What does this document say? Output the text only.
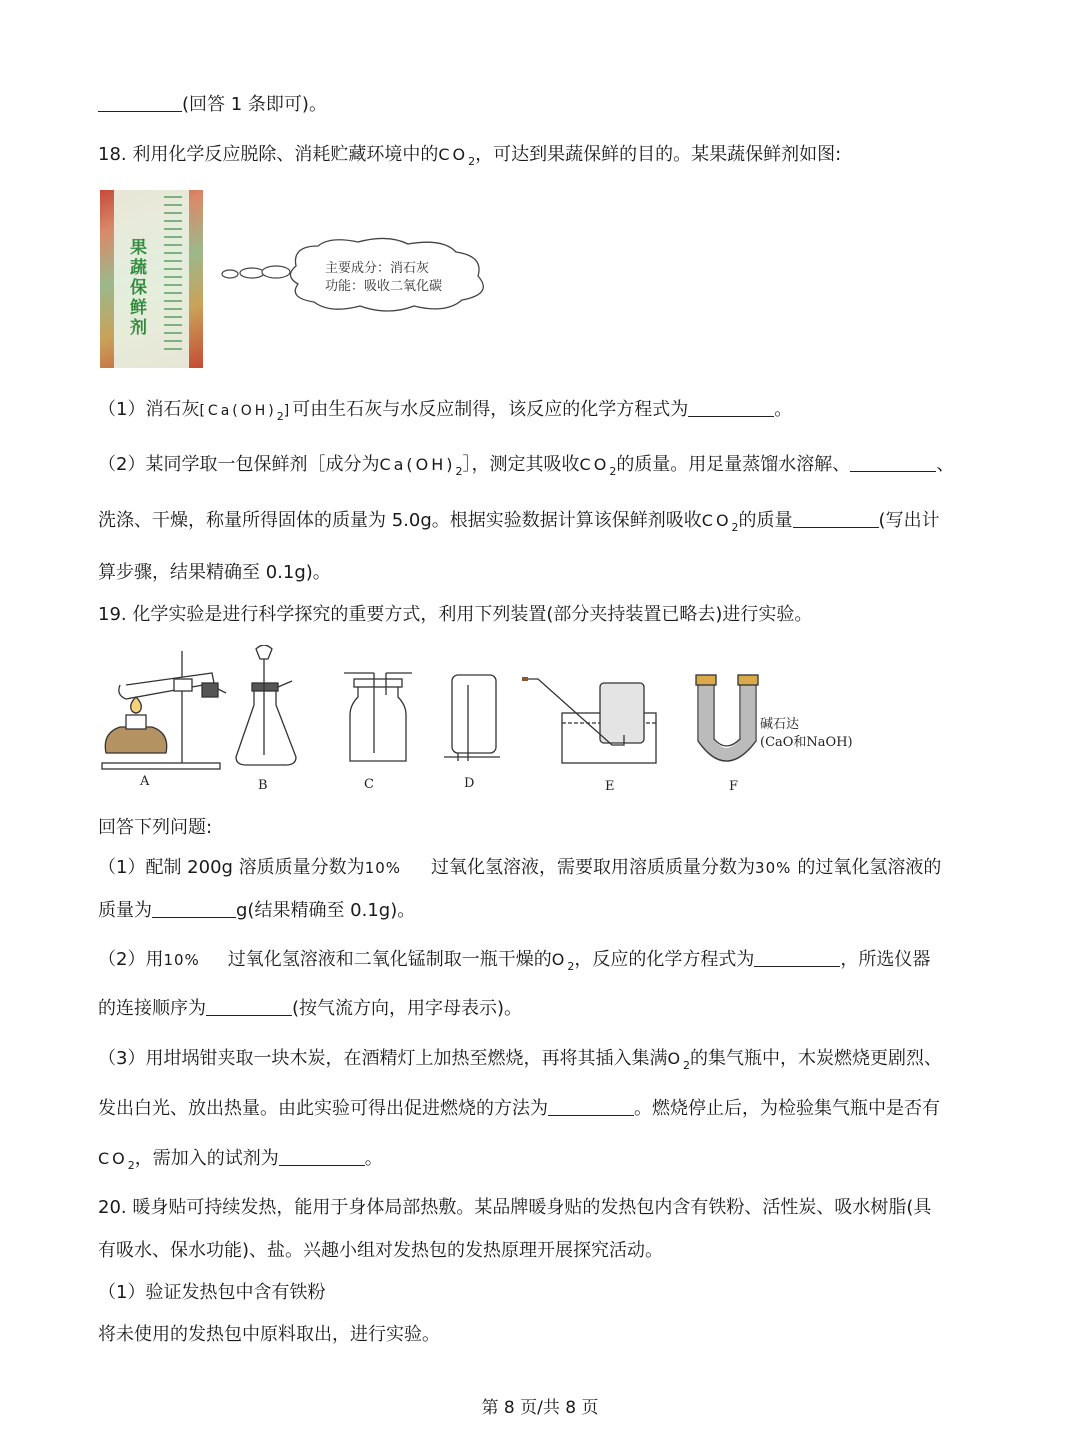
(回答 1 条即可)。
18. 利用化学反应脱除、消耗贮藏环境中的$CO_2$，可达到果蔬保鲜的目的。某果蔬保鲜剂如图:
果蔬保鲜剂	主要成分：消石灰
功能：吸收二氧化碳
（1）消石灰$[Ca(OH)_2]$可由生石灰与水反应制得，该反应的化学方程式为	。
（2）某同学取一包保鲜剂［成分为$Ca(OH)_2]$，测定其吸收$CO_2$的质量。用足量蒸馏水溶解、	、
洗涤、干燥，称量所得固体的质量为 5.0g。根据实验数据计算该保鲜剂吸收$CO_2$的质量	(写出计
算步骤，结果精确至 0.1g)。
19. 化学实验是进行科学探究的重要方式，利用下列装置(部分夹持装置已略去)进行实验。
A	B	C	D	E	F
碱石达
(CaO和NaOH)
回答下列问题:
（1）配制 200g 溶质质量分数为10% 过氧化氢溶液，需要取用溶质质量分数为30% 的过氧化氢溶液的
质量为	g(结果精确至 0.1g)。
（2）用10% 过氧化氢溶液和二氧化锰制取一瓶干燥的$O_2$，反应的化学方程式为	，所选仪器
的连接顺序为	(按气流方向，用字母表示)。
（3）用坩埚钳夹取一块木炭，在酒精灯上加热至燃烧，再将其插入集满$O_2$的集气瓶中，木炭燃烧更剧烈、
发出白光、放出热量。由此实验可得出促进燃烧的方法为	。燃烧停止后，为检验集气瓶中是否有
$CO_2$，需加入的试剂为	。
20. 暖身贴可持续发热，能用于身体局部热敷。某品牌暖身贴的发热包内含有铁粉、活性炭、吸水树脂(具
有吸水、保水功能)、盐。兴趣小组对发热包的发热原理开展探究活动。
（1）验证发热包中含有铁粉
将未使用的发热包中原料取出，进行实验。
第 8 页/共 8 页
